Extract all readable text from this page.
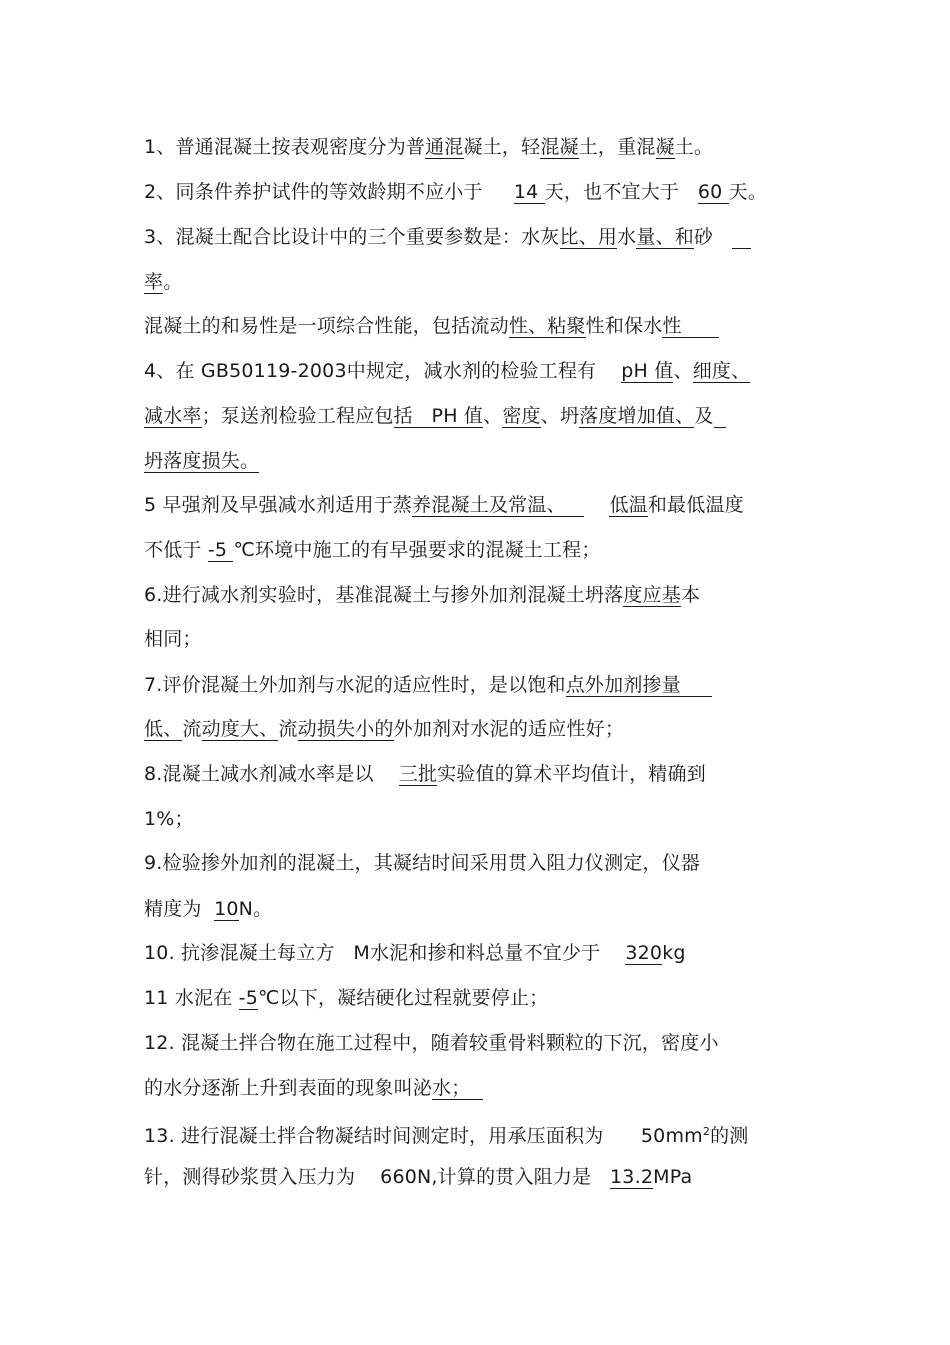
1、普通混凝土按表观密度分为普通混凝土，轻混凝土，重混凝土。
2、同条件养护试件的等效龄期不应小于     14 天，也不宜大于   60 天。
3、混凝土配合比设计中的三个重要参数是：水灰比、用水量、和砂
率。
混凝土的和易性是一项综合性能，包括流动性、粘聚性和保水性
4、在 GB50119-2003中规定，减水剂的检验工程有    pH 值、细度、
减水率；泵送剂检验工程应包括   PH 值、密度、坍落度增加值、及
坍落度损失。
5 早强剂及早强减水剂适用于蒸养混凝土及常温、       低温和最低温度
不低于 -5 ℃环境中施工的有早强要求的混凝土工程；
6.进行减水剂实验时，基准混凝土与掺外加剂混凝土坍落度应基本
相同；
7.评价混凝土外加剂与水泥的适应性时，是以饱和点外加剂掺量
低、流动度大、流动损失小的外加剂对水泥的适应性好；
8.混凝土减水剂减水率是以    三批实验值的算术平均值计，精确到
1%；
9.检验掺外加剂的混凝土，其凝结时间采用贯入阻力仪测定，仪器
精度为  10N。
10. 抗渗混凝土每立方   M水泥和掺和料总量不宜少于    320kg
11 水泥在 -5℃以下，凝结硬化过程就要停止；
12. 混凝土拌合物在施工过程中，随着较重骨料颗粒的下沉，密度小
的水分逐渐上升到表面的现象叫泌水；
13. 进行混凝土拌合物凝结时间测定时，用承压面积为      $50mm^2$的测
针，测得砂浆贯入压力为    660N,计算的贯入阻力是   13.2MPa
